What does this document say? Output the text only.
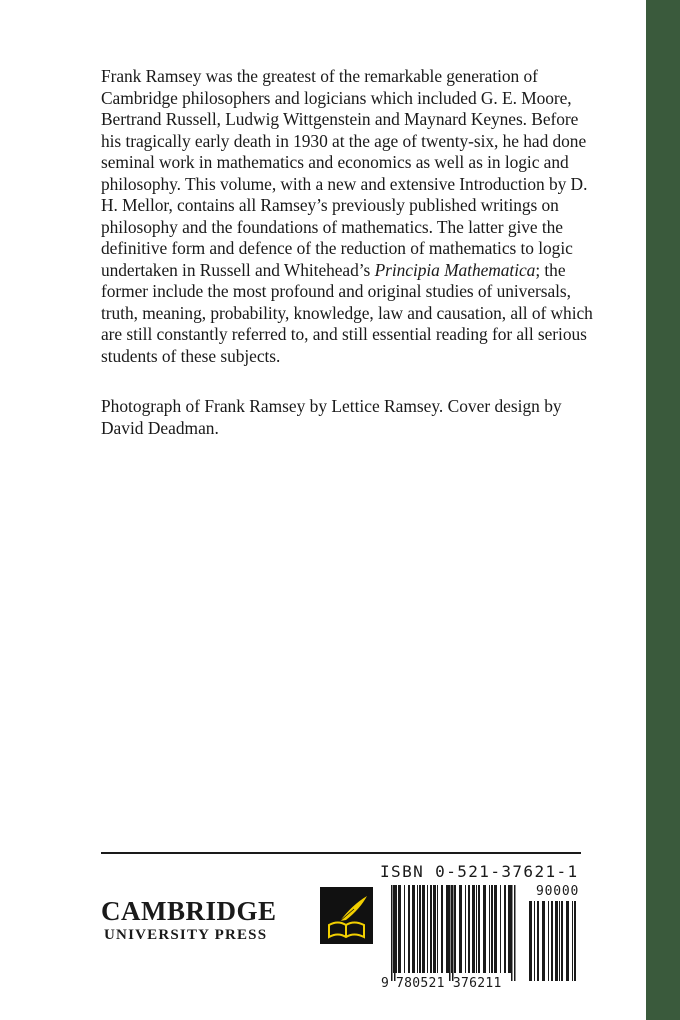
Frank Ramsey was the greatest of the remarkable generation of Cambridge philosophers and logicians which included G. E. Moore, Bertrand Russell, Ludwig Wittgenstein and Maynard Keynes. Before his tragically early death in 1930 at the age of twenty-six, he had done seminal work in mathematics and economics as well as in logic and philosophy. This volume, with a new and extensive Introduction by D. H. Mellor, contains all Ramsey’s previously published writings on philosophy and the foundations of mathematics. The latter give the definitive form and defence of the reduction of mathematics to logic undertaken in Russell and Whitehead’s Principia Mathematica; the former include the most profound and original studies of universals, truth, meaning, probability, knowledge, law and causation, all of which are still constantly referred to, and still essential reading for all serious students of these subjects.

Photograph of Frank Ramsey by Lettice Ramsey. Cover design by David Deadman.

CAMBRIDGE
UNIVERSITY PRESS
ISBN 0-521-37621-1
9 780521 376211
90000
